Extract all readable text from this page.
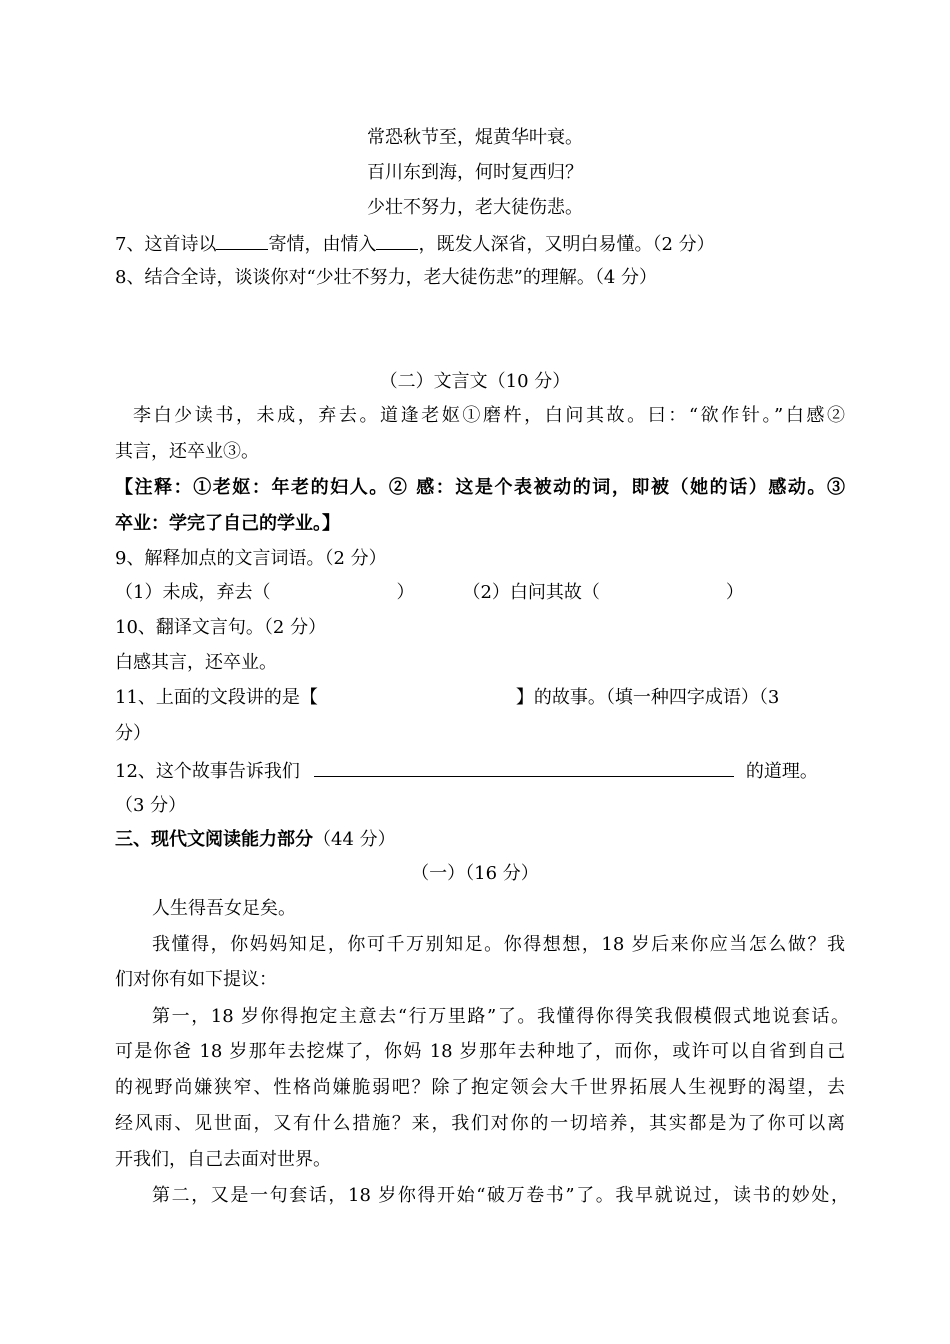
常恐秋节至，焜黄华叶衰。
百川东到海，何时复西归？
少壮不努力，老大徒伤悲。
7、这首诗以	寄情，由情入 ，既发人深省，又明白易懂。（2 分）
8、结合全诗，谈谈你对“少壮不努力，老大徒伤悲”的理解。（4 分）
（二）文言文（10 分）
李白少读书，未成，弃去。道逢老妪①磨杵，白问其故。曰：“欲作针。”白感②
其言，还卒业③。
【注释：①老妪：年老的妇人。② 感：这是个表被动的词，即被（她的话）感动。③
卒业：学完了自己的学业。】
9、解释加点的文言词语。（2 分）
（1）未成，弃去（	）	（2）白问其故（	）
10、翻译文言句。（2 分）
白感其言，还卒业。
11、上面的文段讲的是【	】的故事。（填一种四字成语）（3
分）
12、这个故事告诉我们	的道理。
（3 分）
三、现代文阅读能力部分（44 分）
（一）（16 分）
人生得吾女足矣。
我懂得，你妈妈知足，你可千万别知足。你得想想，18 岁后来你应当怎么做？我
们对你有如下提议：
第一，18 岁你得抱定主意去“行万里路”了。我懂得你得笑我假模假式地说套话。
可是你爸 18 岁那年去挖煤了，你妈 18 岁那年去种地了，而你，或许可以自省到自己
的视野尚嫌狭窄、性格尚嫌脆弱吧？除了抱定领会大千世界拓展人生视野的渴望，去
经风雨、见世面，又有什么措施？来，我们对你的一切培养，其实都是为了你可以离
开我们，自己去面对世界。
第二，又是一句套话，18 岁你得开始“破万卷书”了。我早就说过，读书的妙处，
